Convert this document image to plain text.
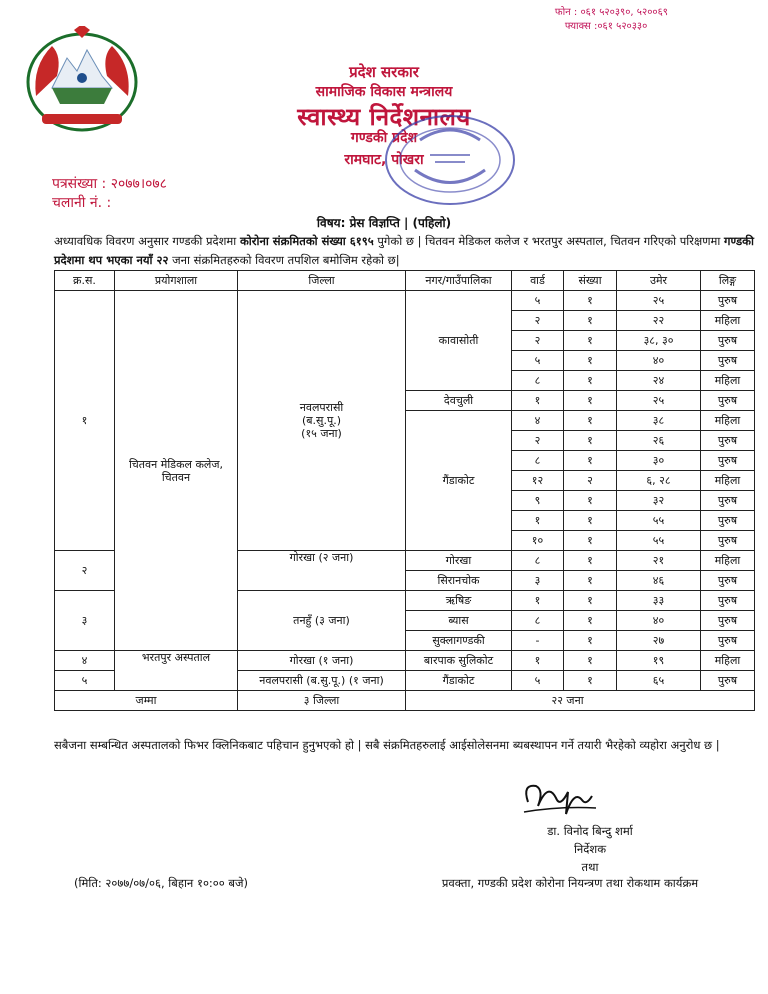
फोन : ०६१ ५२०३९०, ५२००६९
फ्याक्स :०६१ ५२०३३०
प्रदेश सरकार
सामाजिक विकास मन्त्रालय
स्वास्थ्य निर्देशनालय
गण्डकी प्रदेश
रामघाट, पोखरा
पत्रसंख्या : २०७७।०७८
चलानी नं. :
विषय: प्रेस विज्ञप्ति | (पहिलो)
अध्यावधिक विवरण अनुसार गण्डकी प्रदेशमा कोरोना संक्रमितको संख्या ६१९५ पुगेको छ | चितवन मेडिकल कलेज र भरतपुर अस्पताल, चितवन गरिएको परिक्षणमा गण्डकी प्रदेशमा थप भएका नयाँ २२ जना संक्रमितहरुको विवरण तपशिल बमोजिम रहेको छ|
क्र.स.	प्रयोगशाला	जिल्ला	नगर/गाउँपालिका	वार्ड	संख्या	उमेर	लिङ्ग
१	चितवन मेडिकल कलेज, चितवन	नवलपरासी
(ब.सु.पू.)
(१५ जना)	कावासोती	५	१	२५	पुरुष
				२	१	२२	महिला
				२	१	३८, ३०	पुरुष
				५	१	४०	पुरुष
				८	१	२४	महिला
			देवचुली	१	१	२५	पुरुष
			गैंडाकोट	४	१	३८	महिला
				२	१	२६	पुरुष
				८	१	३०	पुरुष
				१२	२	६, २८	महिला
				९	१	३२	पुरुष
				१	१	५५	पुरुष
				१०	१	५५	पुरुष
२		गोरखा (२ जना)	गोरखा	८	१	२१	महिला
			सिरानचोक	३	१	४६	पुरुष
३		तनहुँ (३ जना)	ऋषिङ	१	१	३३	पुरुष
			ब्यास	८	१	४०	पुरुष
			सुक्लागण्डकी	-	१	२७	पुरुष
४	भरतपुर अस्पताल	गोरखा (१ जना)	बारपाक सुलिकोट	१	१	१९	महिला
५		नवलपरासी (ब.सु.पू.) (१ जना)	गैंडाकोट	५	१	६५	पुरुष
जम्मा		३ जिल्ला		२२ जना			
सबैजना सम्बन्धित अस्पतालको फिभर क्लिनिकबाट पहिचान हुनुभएको हो | सबै संक्रमितहरुलाई आईसोलेसनमा ब्यबस्थापन गर्ने तयारी भैरहेको व्यहोरा अनुरोध छ |
डा. विनोद बिन्दु शर्मा
निर्देशक
तथा
प्रवक्ता, गण्डकी प्रदेश कोरोना नियन्त्रण तथा रोकथाम कार्यक्रम
(मिति: २०७७/०७/०६, बिहान १०:०० बजे)
